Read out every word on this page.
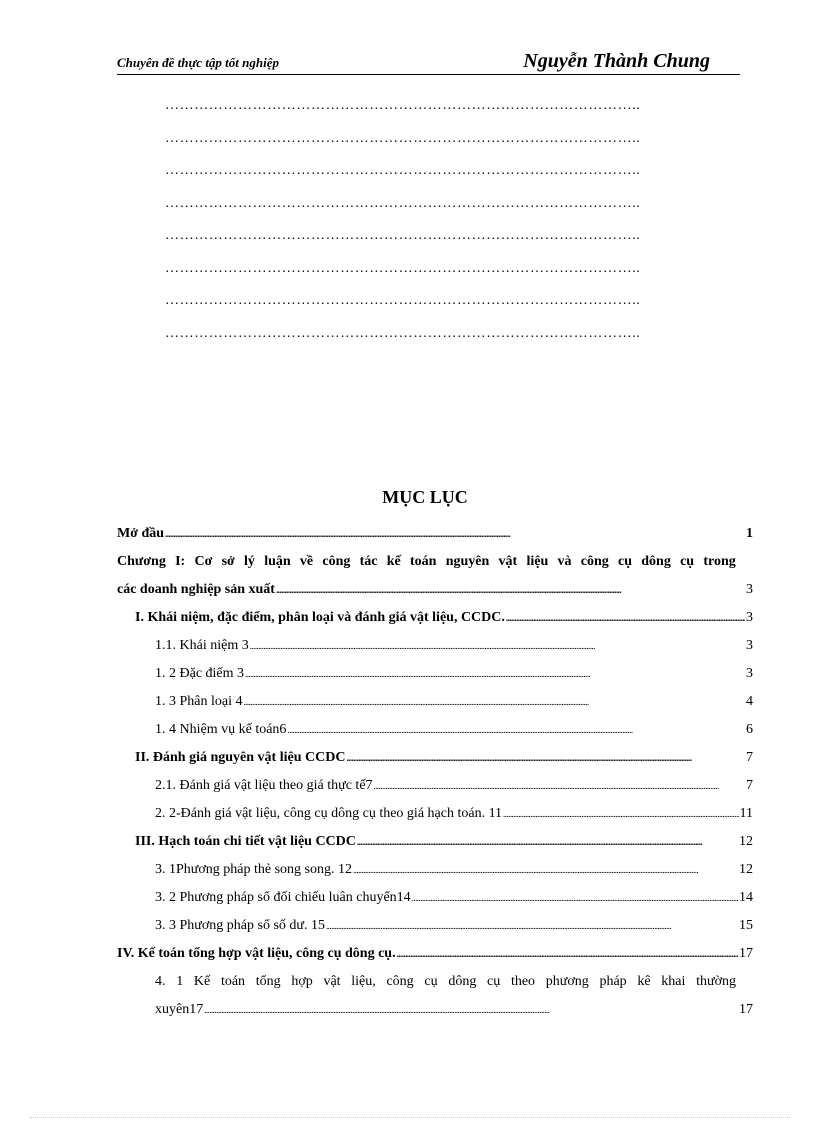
Chuyên đề thực tập tốt nghiệp	Nguyễn Thành Chung
……………………………………………………………………………………..
……………………………………………………………………………………..
……………………………………………………………………………………..
……………………………………………………………………………………..
……………………………………………………………………………………..
……………………………………………………………………………………..
……………………………………………………………………………………..
……………………………………………………………………………………..
MỤC LỤC
Mở đầu . . .	1
Chương I: Cơ sở lý luận về công tác kế toán nguyên vật liệu và công cụ dông cụ trong
các doanh nghiệp sản xuất . . .	3
I. Khái niệm, đặc điểm, phân loại và đánh giá vật liệu, CCDC. . . .	3
1.1. Khái niệm 3 . . .	3
1. 2 Đặc điểm 3 . . .	3
1. 3 Phân loại 4 . . .	4
1. 4 Nhiệm vụ kế toán6 . . .	6
II. Đánh giá nguyên vật liệu CCDC . . .	7
2.1. Đánh giá vật liệu theo giá thực tế7 . . .	7
2. 2-Đánh giá vật liệu, công cụ dông cụ theo giá hạch toán. 11 . . .	11
III. Hạch toán chi tiết vật liệu CCDC . . .	12
3. 1Phương pháp thẻ song song. 12 . . .	12
3. 2 Phương pháp sổ đối chiếu luân chuyển14 . . .	14
3. 3 Phương pháp sổ số dư. 15 . . .	15
IV. Kế toán tổng hợp vật liệu, công cụ dông cụ. . . .	17
4. 1 Kế toán tổng hợp vật liệu, công cụ dông cụ theo phương pháp kê khai thường
xuyên17 . . .	17
